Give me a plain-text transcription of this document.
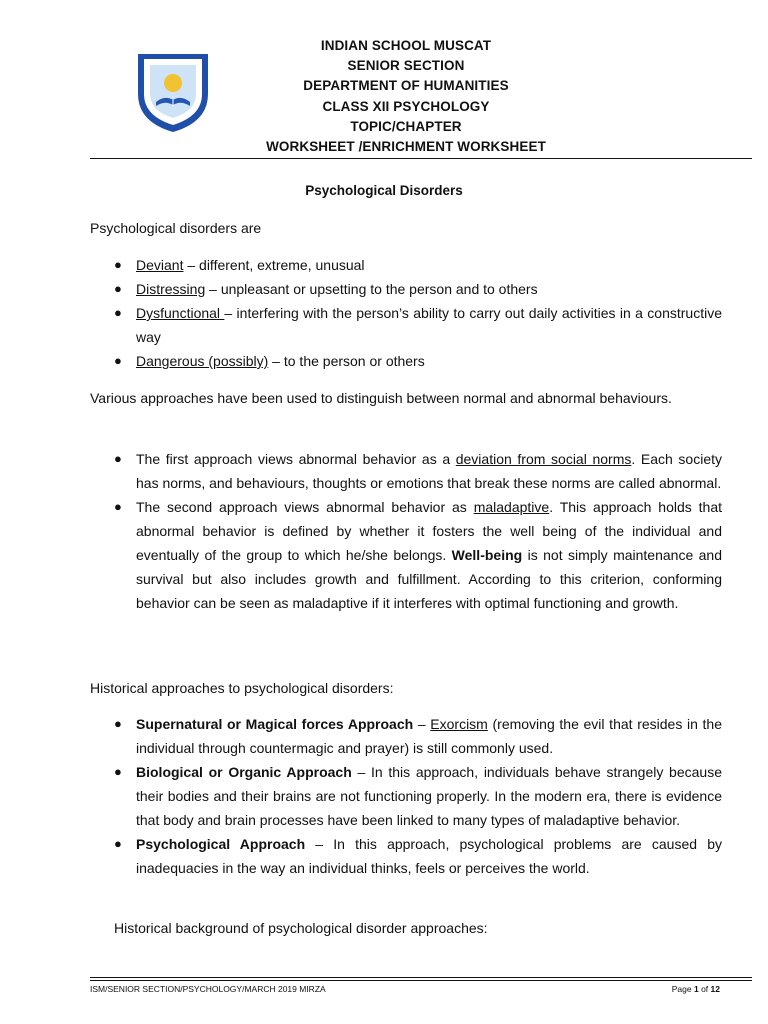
INDIAN SCHOOL MUSCAT
SENIOR SECTION
DEPARTMENT OF HUMANITIES
CLASS XII PSYCHOLOGY
TOPIC/CHAPTER
WORKSHEET /ENRICHMENT WORKSHEET
Psychological Disorders
Psychological disorders are
● Deviant – different, extreme, unusual
● Distressing – unpleasant or upsetting to the person and to others
● Dysfunctional – interfering with the person’s ability to carry out daily activities in a constructive way
● Dangerous (possibly) – to the person or others
Various approaches have been used to distinguish between normal and abnormal behaviours.
● The first approach views abnormal behavior as a deviation from social norms. Each society has norms, and behaviours, thoughts or emotions that break these norms are called abnormal.
● The second approach views abnormal behavior as maladaptive. This approach holds that abnormal behavior is defined by whether it fosters the well being of the individual and eventually of the group to which he/she belongs. Well-being is not simply maintenance and survival but also includes growth and fulfillment. According to this criterion, conforming behavior can be seen as maladaptive if it interferes with optimal functioning and growth.
Historical approaches to psychological disorders:
● Supernatural or Magical forces Approach – Exorcism (removing the evil that resides in the individual through countermagic and prayer) is still commonly used.
● Biological or Organic Approach – In this approach, individuals behave strangely because their bodies and their brains are not functioning properly. In the modern era, there is evidence that body and brain processes have been linked to many types of maladaptive behavior.
● Psychological Approach – In this approach, psychological problems are caused by inadequacies in the way an individual thinks, feels or perceives the world.
Historical background of psychological disorder approaches:
ISM/SENIOR SECTION/PSYCHOLOGY/MARCH 2019 MIRZA	Page 1 of 12
